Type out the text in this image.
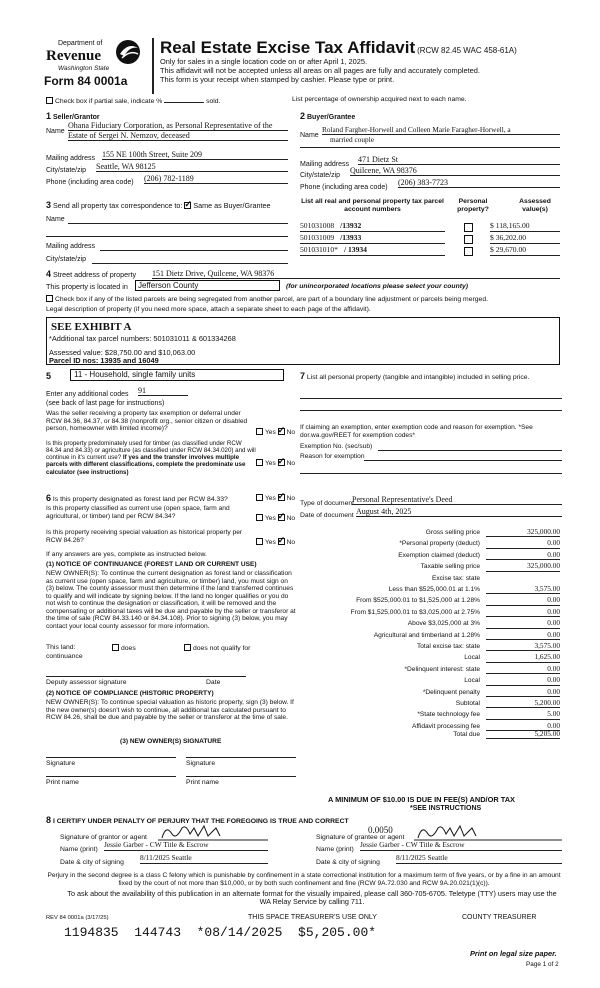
Department of
Revenue
Washington State
Form 84 0001a
Real Estate Excise Tax Affidavit (RCW 82.45 WAC 458-61A)
Only for sales in a single location code on or after April 1, 2025.
This affidavit will not be accepted unless all areas on all pages are fully and accurately completed.
This form is your receipt when stamped by cashier. Please type or print.
Check box if partial sale, indicate %	sold.	List percentage of ownership acquired next to each name.
1 Seller/Grantor
Name
Ohana Fiduciary Corporation, as Personal Representative of the
Estate of Sergei N. Nemzov, deceased
Mailing address 155 NE 100th Street, Suite 209
City/state/zip Seattle, WA 98125
Phone (including area code) (206) 782-1189
2 Buyer/Grantee
Name
Roland Fargher-Horwell and Colleen Marie Faragher-Horwell, a
married couple
Mailing address
471 Dietz St
City/state/zip
Quilcene, WA 98376
Phone (including area code)
(206) 383-7723
3 Send all property tax correspondence to: ✓ Same as Buyer/Grantee
Name
Mailing address
City/state/zip
List all real and personal property tax parcel account numbers
Personal property?
Assessed value(s)
501031008 /13932	$ 118,165.00
501031009 /13933	$ 36,202.00
501031010* / 13934	$ 29,670.00
4 Street address of property 151 Dietz Drive, Quilcene, WA 98376
This property is located in	Jefferson County	(for unincorporated locations please select your county)
Check box if any of the listed parcels are being segregated from another parcel, are part of a boundary line adjustment or parcels being merged.
Legal description of property (if you need more space, attach a separate sheet to each page of the affidavit).
SEE EXHIBIT A
*Additional tax parcel numbers: 501031011 & 601334268
Assessed value: $28,750.00 and $10,063.00
Parcel ID nos: 13935 and 16049
5	11 - Household, single family units
Enter any additional codes 91
(see back of last page for instructions)
Was the seller receiving a property tax exemption or deferral under RCW 84.36, 84.37, or 84.38 (nonprofit org., senior citizen or disabled person, homeowner with limited income)?
Yes ✓ No
Is this property predominately used for timber (as classified under RCW 84.34 and 84.33) or agriculture (as classified under RCW 84.34.020) and will continue in it's current use? If yes and the transfer involves multiple parcels with different classifications, complete the predominate use calculator (see instructions)
Yes ✓ No
6 Is this property designated as forest land per RCW 84.33?	Yes ✓ No
Is this property classified as current use (open space, farm and agricultural, or timber) land per RCW 84.34?	Yes ✓ No
Is this property receiving special valuation as historical property per RCW 84.26?	Yes ✓ No
If any answers are yes, complete as instructed below.
(1) NOTICE OF CONTINUANCE (FOREST LAND OR CURRENT USE)
NEW OWNER(S): To continue the current designation as forest land or classification as current use (open space, farm and agriculture, or timber) land, you must sign on (3) below. The county assessor must then determine if the land transferred continues to qualify and will indicate by signing below. If the land no longer qualifies or you do not wish to continue the designation or classification, it will be removed and the compensating or additional taxes will be due and payable by the seller or transferor at the time of sale (RCW 84.33.140 or 84.34.108). Prior to signing (3) below, you may contact your local county assessor for more information.
This land:
continuance
does	does not qualify for
Deputy assessor signature	Date
(2) NOTICE OF COMPLIANCE (HISTORIC PROPERTY)
NEW OWNER(S): To continue special valuation as historic property, sign (3) below. If the new owner(s) doesn't wish to continue, all additional tax calculated pursuant to RCW 84.26, shall be due and payable by the seller or transferor at the time of sale.
(3) NEW OWNER(S) SIGNATURE
Signature	Signature
Print name	Print name
7 List all personal property (tangible and intangible) included in selling price.
If claiming an exemption, enter exemption code and reason for exemption. *See dor.wa.gov/REET for exemption codes*
Exemption No. (sec/sub)
Reason for exemption
Type of document
Personal Representative's Deed
Date of document August 4th, 2025
Gross selling price	325,000.00
*Personal property (deduct)	0.00
Exemption claimed (deduct)	0.00
Taxable selling price	325,000.00
Excise tax: state
Less than $525,000.01 at 1.1%	3,575.00
From $525,000.01 to $1,525,000 at 1.28%	0.00
From $1,525,000.01 to $3,025,000 at 2.75%	0.00
Above $3,025,000 at 3%	0.00
Agricultural and timberland at 1.28%	0.00
Total excise tax: state	3,575.00
Local	1,625.00
*Delinquent interest: state	0.00
Local	0.00
*Delinquent penalty	0.00
Subtotal	5,200.00
*State technology fee	5.00
Affidavit processing fee	0.00
Total due	5,205.00
0.0050
A MINIMUM OF $10.00 IS DUE IN FEE(S) AND/OR TAX
*SEE INSTRUCTIONS
8 I CERTIFY UNDER PENALTY OF PERJURY THAT THE FOREGOING IS TRUE AND CORRECT
Signature of grantor or agent
Name (print)
Jessie Garber - CW Title & Escrow
Date & city of signing
8/11/2025 Seattle
Signature of grantee or agent
Name (print)
Jessie Garber - CW Title & Escrow
Date & city of signing
8/11/2025 Seattle
Perjury in the second degree is a class C felony which is punishable by confinement in a state correctional institution for a maximum term of five years, or by a fine in an amount fixed by the court of not more than $10,000, or by both such confinement and fine (RCW 9A.72.030 and RCW 9A.20.021(1)(c)).
To ask about the availability of this publication in an alternate format for the visually impaired, please call 360-705-6705. Teletype (TTY) users may use the WA Relay Service by calling 711.
REV 84 0001a (3/17/25)	THIS SPACE TREASURER'S USE ONLY	COUNTY TREASURER
1194835  144743  *08/14/2025  $5,205.00*
Print on legal size paper.
Page 1 of 2
